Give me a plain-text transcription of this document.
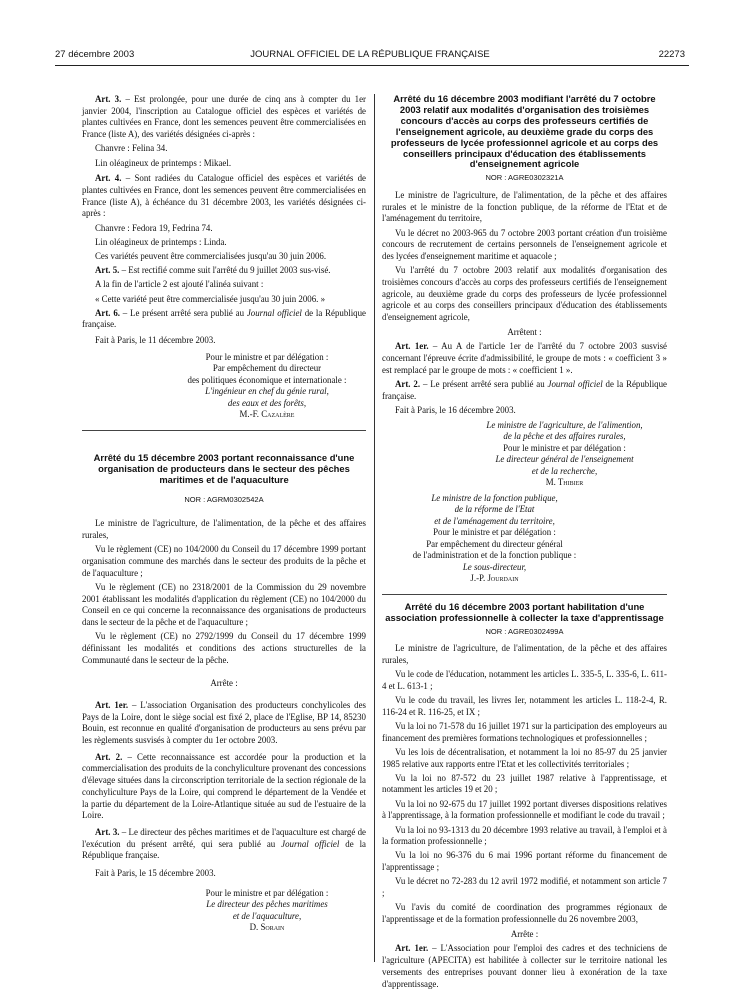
27 décembre 2003	JOURNAL OFFICIEL DE LA RÉPUBLIQUE FRANÇAISE	22273

Art. 3. – Est prolongée, pour une durée de cinq ans à compter du 1er janvier 2004, l'inscription au Catalogue officiel des espèces et variétés de plantes cultivées en France, dont les semences peuvent être commercialisées en France (liste A), des variétés désignées ci-après :

Chanvre : Felina 34.

Lin oléagineux de printemps : Mikael.

Art. 4. – Sont radiées du Catalogue officiel des espèces et variétés de plantes cultivées en France, dont les semences peuvent être commercialisées en France (liste A), à échéance du 31 décembre 2003, les variétés désignées ci-après :

Chanvre : Fedora 19, Fedrina 74.

Lin oléagineux de printemps : Linda.

Ces variétés peuvent être commercialisées jusqu'au 30 juin 2006.

Art. 5. – Est rectifié comme suit l'arrêté du 9 juillet 2003 sus-visé.

A la fin de l'article 2 est ajouté l'alinéa suivant :

« Cette variété peut être commercialisée jusqu'au 30 juin 2006. »

Art. 6. – Le présent arrêté sera publié au Journal officiel de la République française.

Fait à Paris, le 11 décembre 2003.

Pour le ministre et par délégation :
Par empêchement du directeur
des politiques économique et internationale :
L'ingénieur en chef du génie rural,
des eaux et des forêts,
M.-F. Cazalère
Arrêté du 15 décembre 2003 portant reconnaissance d'une organisation de producteurs dans le secteur des pêches maritimes et de l'aquaculture
NOR : AGRM0302542A

Le ministre de l'agriculture, de l'alimentation, de la pêche et des affaires rurales,

Vu le règlement (CE) no 104/2000 du Conseil du 17 décembre 1999 portant organisation commune des marchés dans le secteur des produits de la pêche et de l'aquaculture ;

Vu le règlement (CE) no 2318/2001 de la Commission du 29 novembre 2001 établissant les modalités d'application du règlement (CE) no 104/2000 du Conseil en ce qui concerne la reconnaissance des organisations de producteurs dans le secteur de la pêche et de l'aquaculture ;

Vu le règlement (CE) no 2792/1999 du Conseil du 17 décembre 1999 définissant les modalités et conditions des actions structurelles de la Communauté dans le secteur de la pêche.

Arrête :

Art. 1er. – L'association Organisation des producteurs conchylicoles des Pays de la Loire, dont le siège social est fixé 2, place de l'Eglise, BP 14, 85230 Bouin, est reconnue en qualité d'organisation de producteurs au sens prévu par les règlements susvisés à compter du 1er octobre 2003.

Art. 2. – Cette reconnaissance est accordée pour la production et la commercialisation des produits de la conchyliculture provenant des concessions d'élevage situées dans la circonscription territoriale de la section régionale de la conchyliculture Pays de la Loire, qui comprend le département de la Vendée et la partie du département de la Loire-Atlantique située au sud de l'estuaire de la Loire.

Art. 3. – Le directeur des pêches maritimes et de l'aquaculture est chargé de l'exécution du présent arrêté, qui sera publié au Journal officiel de la République française.

Fait à Paris, le 15 décembre 2003.

Pour le ministre et par délégation :
Le directeur des pêches maritimes
et de l'aquaculture,
D. Sorain
Arrêté du 16 décembre 2003 modifiant l'arrêté du 7 octobre 2003 relatif aux modalités d'organisation des troisièmes concours d'accès au corps des professeurs certifiés de l'enseignement agricole, au deuxième grade du corps des professeurs de lycée professionnel agricole et au corps des conseillers principaux d'éducation des établissements d'enseignement agricole
NOR : AGRE0302321A

Le ministre de l'agriculture, de l'alimentation, de la pêche et des affaires rurales et le ministre de la fonction publique, de la réforme de l'Etat et de l'aménagement du territoire,

Vu le décret no 2003-965 du 7 octobre 2003 portant création d'un troisième concours de recrutement de certains personnels de l'enseignement agricole et des lycées d'enseignement maritime et aquacole ;

Vu l'arrêté du 7 octobre 2003 relatif aux modalités d'organisation des troisièmes concours d'accès au corps des professeurs certifiés de l'enseignement agricole, au deuxième grade du corps des professeurs de lycée professionnel agricole et au corps des conseillers principaux d'éducation des établissements d'enseignement agricole,

Arrêtent :

Art. 1er. – Au A de l'article 1er de l'arrêté du 7 octobre 2003 susvisé concernant l'épreuve écrite d'admissibilité, le groupe de mots : « coefficient 3 » est remplacé par le groupe de mots : « coefficient 1 ».

Art. 2. – Le présent arrêté sera publié au Journal officiel de la République française.

Fait à Paris, le 16 décembre 2003.

Le ministre de l'agriculture, de l'alimention,
de la pêche et des affaires rurales,
Pour le ministre et par délégation :
Le directeur général de l'enseignement
et de la recherche,
M. Thibier
Le ministre de la fonction publique,
de la réforme de l'Etat
et de l'aménagement du territoire,
Pour le ministre et par délégation :
Par empêchement du directeur général
de l'administration et de la fonction publique :
Le sous-directeur,
J.-P. Jourdain
Arrêté du 16 décembre 2003 portant habilitation d'une association professionnelle à collecter la taxe d'apprentissage
NOR : AGRE0302499A

Le ministre de l'agriculture, de l'alimentation, de la pêche et des affaires rurales,

Vu le code de l'éducation, notamment les articles L. 335-5, L. 335-6, L. 611-4 et L. 613-1 ;

Vu le code du travail, les livres Ier, notamment les articles L. 118-2-4, R. 116-24 et R. 116-25, et IX ;

Vu la loi no 71-578 du 16 juillet 1971 sur la participation des employeurs au financement des premières formations technologiques et professionnelles ;

Vu les lois de décentralisation, et notamment la loi no 85-97 du 25 janvier 1985 relative aux rapports entre l'Etat et les collectivités territoriales ;

Vu la loi no 87-572 du 23 juillet 1987 relative à l'apprentissage, et notamment les articles 19 et 20 ;

Vu la loi no 92-675 du 17 juillet 1992 portant diverses dispositions relatives à l'apprentissage, à la formation professionnelle et modifiant le code du travail ;

Vu la loi no 93-1313 du 20 décembre 1993 relative au travail, à l'emploi et à la formation professionnelle ;

Vu la loi no 96-376 du 6 mai 1996 portant réforme du financement de l'apprentissage ;

Vu le décret no 72-283 du 12 avril 1972 modifié, et notamment son article 7 ;

Vu l'avis du comité de coordination des programmes régionaux de l'apprentissage et de la formation professionnelle du 26 novembre 2003,

Arrête :

Art. 1er. – L'Association pour l'emploi des cadres et des techniciens de l'agriculture (APECITA) est habilitée à collecter sur le territoire national les versements des entreprises pouvant donner lieu à exonération de la taxe d'apprentissage.
